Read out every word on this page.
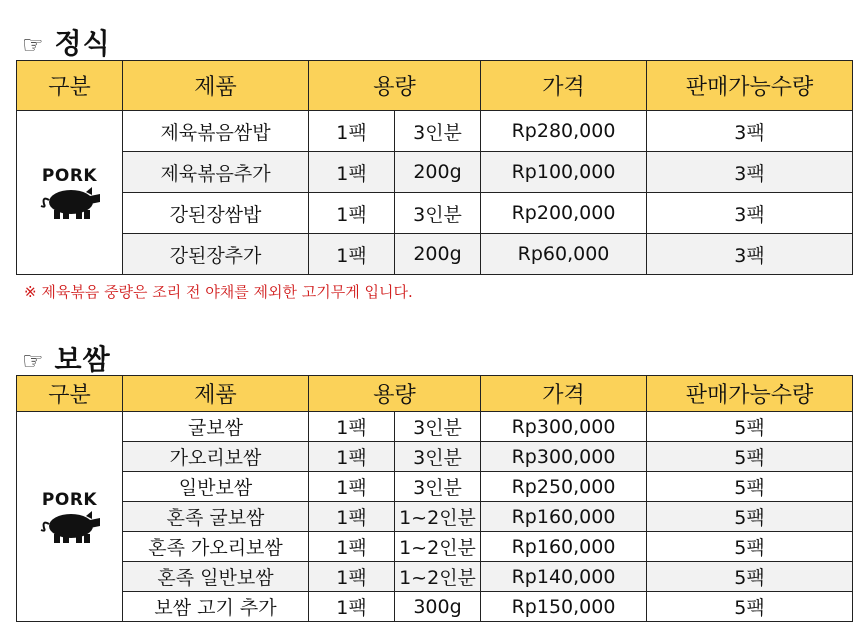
☞ 정식
구분	제품	용량		가격	판매가능수량

PORK	제육볶음쌈밥	1팩	3인분	Rp280,000	3팩
	제육볶음추가	1팩	200g	Rp100,000	3팩
	강된장쌈밥	1팩	3인분	Rp200,000	3팩
	강된장추가	1팩	200g	Rp60,000	3팩
※ 제육볶음 중량은 조리 전 야채를 제외한 고기무게 입니다.
☞ 보쌈
구분	제품	용량		가격	판매가능수량

PORK	굴보쌈	1팩	3인분	Rp300,000	5팩
	가오리보쌈	1팩	3인분	Rp300,000	5팩
	일반보쌈	1팩	3인분	Rp250,000	5팩
	혼족 굴보쌈	1팩	1~2인분	Rp160,000	5팩
	혼족 가오리보쌈	1팩	1~2인분	Rp160,000	5팩
	혼족 일반보쌈	1팩	1~2인분	Rp140,000	5팩
	보쌈 고기 추가	1팩	300g	Rp150,000	5팩
